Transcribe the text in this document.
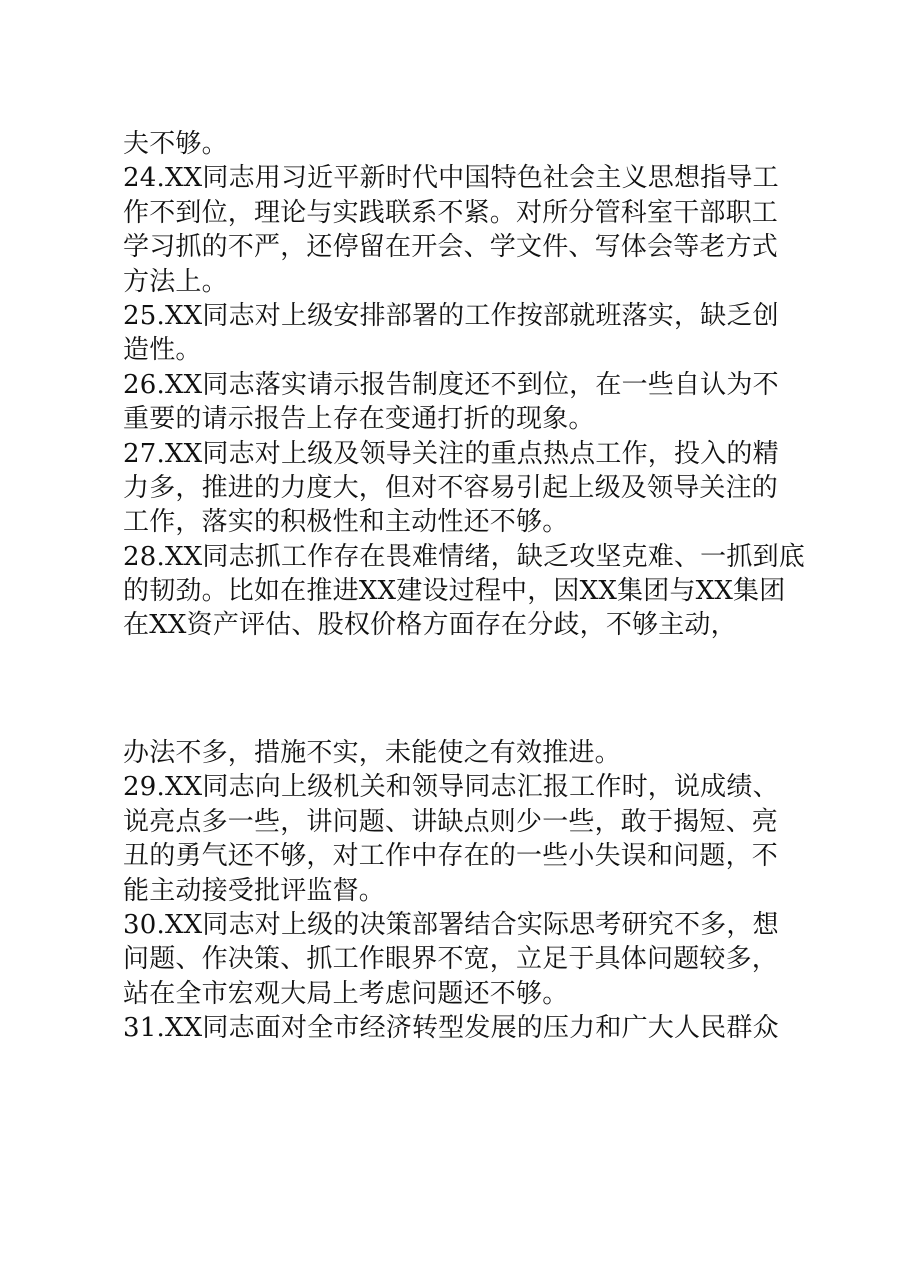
夫不够。
24.XX同志用习近平新时代中国特色社会主义思想指导工
作不到位，理论与实践联系不紧。对所分管科室干部职工
学习抓的不严，还停留在开会、学文件、写体会等老方式
方法上。
25.XX同志对上级安排部署的工作按部就班落实，缺乏创
造性。
26.XX同志落实请示报告制度还不到位，在一些自认为不
重要的请示报告上存在变通打折的现象。
27.XX同志对上级及领导关注的重点热点工作，投入的精
力多，推进的力度大，但对不容易引起上级及领导关注的
工作，落实的积极性和主动性还不够。
28.XX同志抓工作存在畏难情绪，缺乏攻坚克难、一抓到底
的韧劲。比如在推进XX建设过程中，因XX集团与XX集团
在XX资产评估、股权价格方面存在分歧，不够主动，
办法不多，措施不实，未能使之有效推进。
29.XX同志向上级机关和领导同志汇报工作时，说成绩、
说亮点多一些，讲问题、讲缺点则少一些，敢于揭短、亮
丑的勇气还不够，对工作中存在的一些小失误和问题，不
能主动接受批评监督。
30.XX同志对上级的决策部署结合实际思考研究不多，想
问题、作决策、抓工作眼界不宽，立足于具体问题较多，
站在全市宏观大局上考虑问题还不够。
31.XX同志面对全市经济转型发展的压力和广大人民群众
